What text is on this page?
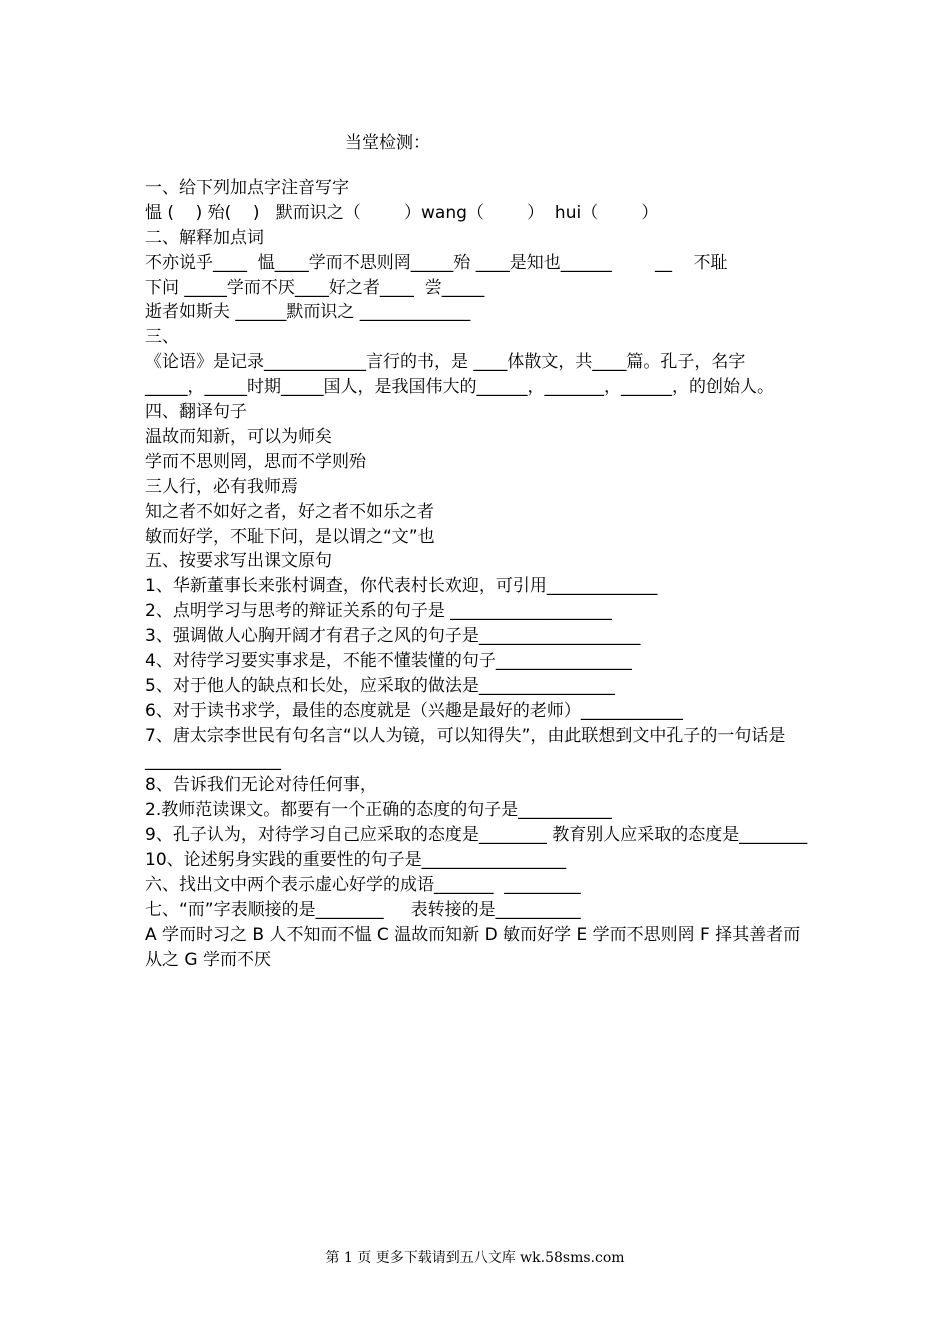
当堂检测：
一、给下列加点字注音写字
愠 (    ) 殆(    )   默而识之（        ）wang（        ）  hui（        ）
二、解释加点词
不亦说乎____  愠____学而不思则罔_____殆 ____是知也______        __    不耻
下问 _____学而不厌____好之者____  尝_____
逝者如斯夫 ______默而识之 _____________
三、
《论语》是记录____________言行的书，是 ____体散文，共____篇。孔子，名字 _____，_____时期_____国人，是我国伟大的______，_______，______，的创始人。
四、翻译句子
温故而知新，可以为师矣
学而不思则罔，思而不学则殆
三人行，必有我师焉
知之者不如好之者，好之者不如乐之者
敏而好学，不耻下问，是以谓之“文”也
五、按要求写出课文原句
1、华新董事长来张村调查，你代表村长欢迎，可引用_____________
2、点明学习与思考的辩证关系的句子是 ___________________
3、强调做人心胸开阔才有君子之风的句子是___________________
4、对待学习要实事求是，不能不懂装懂的句子________________
5、对于他人的缺点和长处，应采取的做法是________________
6、对于读书求学，最佳的态度就是（兴趣是最好的老师）____________
7、唐太宗李世民有句名言“以人为镜，可以知得失”，由此联想到文中孔子的一句话是________________
8、告诉我们无论对待任何事，
2.教师范读课文。都要有一个正确的态度的句子是___________
9、孔子认为，对待学习自己应采取的态度是________ 教育别人应采取的态度是________
10、论述躬身实践的重要性的句子是_________________
六、找出文中两个表示虚心好学的成语_______  _________
七、“而”字表顺接的是________     表转接的是__________
A 学而时习之 B 人不知而不愠 C 温故而知新 D 敏而好学 E 学而不思则罔 F 择其善者而从之 G 学而不厌
第 1 页 更多下载请到五八文库 wk.58sms.com
